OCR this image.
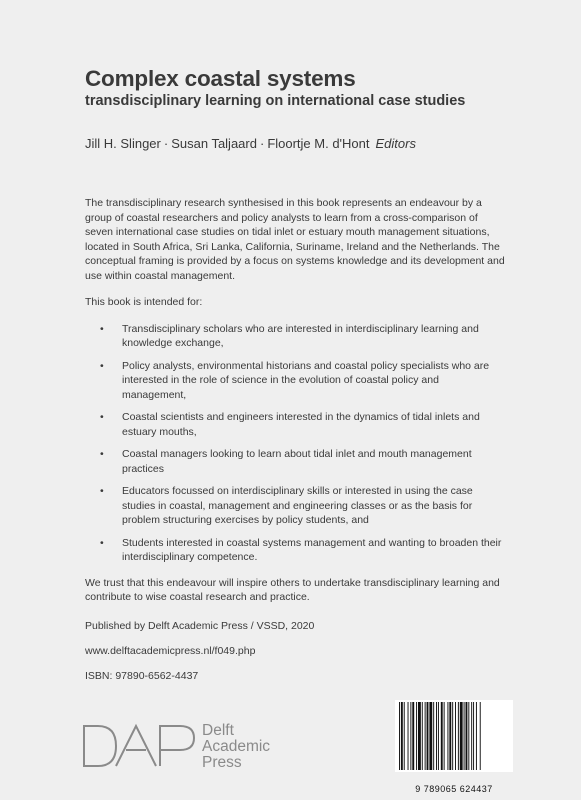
Complex coastal systems
transdisciplinary learning on international case studies
Jill H. Slinger · Susan Taljaard · Floortje M. d'Hont Editors

The transdisciplinary research synthesised in this book represents an endeavour by a group of coastal researchers and policy analysts to learn from a cross-comparison of seven international case studies on tidal inlet or estuary mouth management situations, located in South Africa, Sri Lanka, California, Suriname, Ireland and the Netherlands. The conceptual framing is provided by a focus on systems knowledge and its development and use within coastal management.

This book is intended for:

• Transdisciplinary scholars who are interested in interdisciplinary learning and knowledge exchange,
• Policy analysts, environmental historians and coastal policy specialists who are interested in the role of science in the evolution of coastal policy and management,
• Coastal scientists and engineers interested in the dynamics of tidal inlets and estuary mouths,
• Coastal managers looking to learn about tidal inlet and mouth management practices
• Educators focussed on interdisciplinary skills or interested in using the case studies in coastal, management and engineering classes or as the basis for problem structuring exercises by policy students, and
• Students interested in coastal systems management and wanting to broaden their interdisciplinary competence.

We trust that this endeavour will inspire others to undertake transdisciplinary learning and contribute to wise coastal research and practice.

Published by Delft Academic Press / VSSD, 2020
www.delftacademicpress.nl/f049.php
ISBN: 97890-6562-4437
Delft
Academic
Press
9 789065 624437
